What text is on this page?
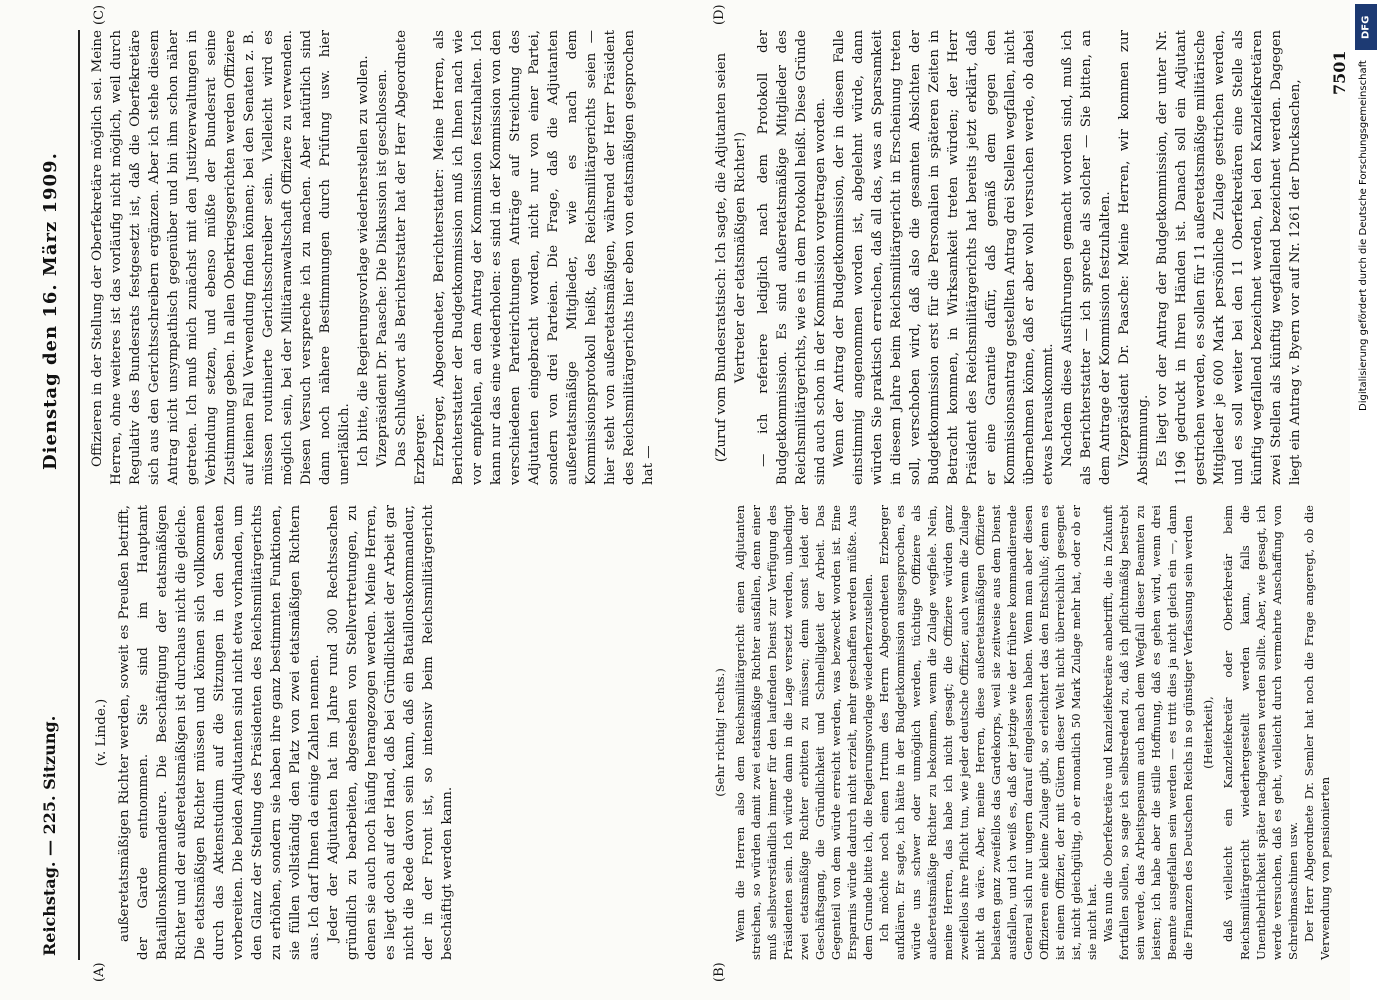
Reichstag. — 225. Sitzung.
7501
Dienstag den 16. März 1909.
(A)	(B)
(C)	(D)

(v. Linde.) außeretatsmäßigen Richter werden, soweit es Preußen betrifft, der Garde entnommen. Sie sind im Hauptamt Bataillonskommandeure. Die Beschäftigung der etatsmäßigen Richter und der außeretatsmäßigen ist durchaus nicht die gleiche. Die etatsmäßigen Richter müssen und können sich vollkommen durch das Aktenstudium auf die Sitzungen in den Senaten vorbereiten. Die beiden Adjutanten sind nicht etwa vorhanden, um den Glanz der Stellung des Präsidenten des Reichsmilitärgerichts zu erhöhen, sondern sie haben ihre ganz bestimmten Funktionen, sie füllen vollständig den Platz von zwei etatsmäßigen Richtern aus. Ich darf Ihnen da einige Zahlen nennen. Jeder der Adjutanten hat im Jahre rund 300 Rechtssachen gründlich zu bearbeiten, abgesehen von Stellvertretungen, zu denen sie auch noch häufig herangezogen werden. Meine Herren, es liegt doch auf der Hand, daß bei Gründlichkeit der Arbeit gar nicht die Rede davon sein kann, daß ein Bataillonskommandeur, der in der Front ist, so intensiv beim Reichsmilitärgericht beschäftigt werden kann.

(Sehr richtig! rechts.) Wenn die Herren also dem Reichsmilitärgericht einen Adjutanten streichen, so würden damit zwei etatsmäßige Richter ausfallen, denn einer muß selbstverständlich immer für den laufenden Dienst zur Verfügung des Präsidenten sein. Ich würde dann in die Lage versetzt werden, unbedingt zwei etatsmäßige Richter erbitten zu müssen; denn sonst leidet der Geschäftsgang, die Gründlichkeit und Schnelligkeit der Arbeit. Das Gegenteil von dem würde erreicht werden, was bezweckt worden ist. Eine Ersparnis würde dadurch nicht erzielt, mehr geschaffen werden müßte. Aus dem Grunde bitte ich, die Regierungsvorlage wiederherzustellen. Ich möchte noch einen Irrtum des Herrn Abgeordneten Erzberger aufklären. Er sagte, ich hätte in der Budgetkommission ausgesprochen, es würde uns schwer oder unmöglich werden, tüchtige Offiziere als außeretatsmäßige Richter zu bekommen, wenn die Zulage wegfiele. Nein, meine Herren, das habe ich nicht gesagt; die Offiziere würden ganz zweifellos ihre Pflicht tun, wie jeder deutsche Offizier, auch wenn die Zulage nicht da wäre. Aber, meine Herren, diese außeretatsmäßigen Offiziere belasten ganz zweifellos das Gardekorps, weil sie zeitweise aus dem Dienst ausfallen, und ich weiß es, daß der jetzige wie der frühere kommandierende General sich nur ungern darauf eingelassen haben. Wenn man aber diesen Offizieren eine kleine Zulage gibt, so erleichtert das den Entschluß; denn es ist einem Offizier, der mit Gütern dieser Welt nicht überreichlich gesegnet ist, nicht gleichgültig, ob er monatlich 50 Mark Zulage mehr hat, oder ob er sie nicht hat. Was nun die Oberfekretäre und Kanzleifekretäre anbetrifft, die in Zukunft fortfallen sollen, so sage ich selbstredend zu, daß ich pflichtmäßig bestrebt sein werde, das Arbeitspensum auch nach dem Wegfall dieser Beamten zu leisten; ich habe aber die stille Hoffnung, daß es gehen wird, wenn drei Beamte ausgefallen sein werden — es tritt dies ja nicht gleich ein —, dann die Finanzen des Deutschen Reichs in so günstiger Verfassung sein werden (Heiterkeit), daß vielleicht ein Kanzleifekretär oder Oberfekretär beim Reichsmilitärgericht wiederhergestellt werden kann, falls die Unentbehrlichkeit später nachgewiesen werden sollte. Aber, wie gesagt, ich werde versuchen, daß es geht, vielleicht durch vermehrte Anschaffung von Schreibmaschinen usw. Der Herr Abgeordnete Dr. Semler hat noch die Frage angeregt, ob die Verwendung von pensionierten

Offizieren in der Stellung der Oberfekretäre möglich sei. Meine Herren, ohne weiteres ist das vorläufig nicht möglich, weil durch Regulativ des Bundesrats festgesetzt ist, daß die Oberfekretäre sich aus den Gerichtsschreibern ergänzen. Aber ich stehe diesem Antrag nicht unsympathisch gegenüber und bin ihm schon näher getreten. Ich muß mich zunächst mit den Justizverwaltungen in Verbindung setzen, und ebenso müßte der Bundesrat seine Zustimmung geben. In allen Oberkriegsgerichten werden Offiziere auf keinen Fall Verwendung finden können; bei den Senaten z. B. müssen routinierte Gerichtsschreiber sein. Vielleicht wird es möglich sein, bei der Militäranwaltschaft Offiziere zu verwenden. Diesen Versuch verspreche ich zu machen. Aber natürlich sind dann noch nähere Bestimmungen durch Prüfung usw. hier unerläßlich. Ich bitte, die Regierungsvorlage wiederherstellen zu wollen. Vizepräsident Dr. Paasche: Die Diskussion ist geschlossen. Das Schlußwort als Berichterstatter hat der Herr Abgeordnete Erzberger. Erzberger, Abgeordneter, Berichterstatter: Meine Herren, als Berichterstatter der Budgetkommission muß ich Ihnen nach wie vor empfehlen, an dem Antrag der Kommission festzuhalten. Ich kann nur das eine wiederholen: es sind in der Kommission von den verschiedenen Parteirichtungen Anträge auf Streichung des Adjutanten eingebracht worden, nicht nur von einer Partei, sondern von drei Parteien. Die Frage, daß die Adjutanten außeretatsmäßige Mitglieder, wie es nach dem Kommissionsprotokoll heißt, des Reichsmilitärgerichts seien — hier steht von außeretatsmäßigen, während der Herr Präsident des Reichsmilitärgerichts hier eben von etatsmäßigen gesprochen hat —

(Zuruf vom Bundesratstisch: Ich sagte, die Adjutanten seien Vertreter der etatsmäßigen Richter!) — ich referiere lediglich nach dem Protokoll der Budgetkommission. Es sind außeretatsmäßige Mitglieder des Reichsmilitärgerichts, wie es in dem Protokoll heißt. Diese Gründe sind auch schon in der Kommission vorgetragen worden. Wenn der Antrag der Budgetkommission, der in diesem Falle einstimmig angenommen worden ist, abgelehnt würde, dann würden Sie praktisch erreichen, daß all das, was an Sparsamkeit in diesem Jahre beim Reichsmilitärgericht in Erscheinung treten soll, verschoben wird, daß also die gesamten Absichten der Budgetkommission erst für die Personalien in späteren Zeiten in Betracht kommen, in Wirksamkeit treten würden; der Herr Präsident des Reichsmilitärgerichts hat bereits jetzt erklärt, daß er eine Garantie dafür, daß gemäß dem gegen den Kommissionsantrag gestellten Antrag drei Stellen wegfallen, nicht übernehmen könne, daß er aber wohl versuchen werde, ob dabei etwas herauskommt. Nachdem diese Ausführungen gemacht worden sind, muß ich als Berichterstatter — ich spreche als solcher — Sie bitten, an dem Antrage der Kommission festzuhalten. Vizepräsident Dr. Paasche: Meine Herren, wir kommen zur Abstimmung. Es liegt vor der Antrag der Budgetkommission, der unter Nr. 1196 gedruckt in Ihren Händen ist. Danach soll ein Adjutant gestrichen werden, es sollen für 11 außeretatsmäßige militärische Mitglieder je 600 Mark persönliche Zulage gestrichen werden, und es soll weiter bei den 11 Oberfekretären eine Stelle als künftig wegfallend bezeichnet werden, bei den Kanzleifekretären zwei Stellen als künftig wegfallend bezeichnet werden. Dagegen liegt ein Antrag v. Byern vor auf Nr. 1261 der Drucksachen,

DFG
Digitalisierung gefördert durch die Deutsche Forschungsgemeinschaft
